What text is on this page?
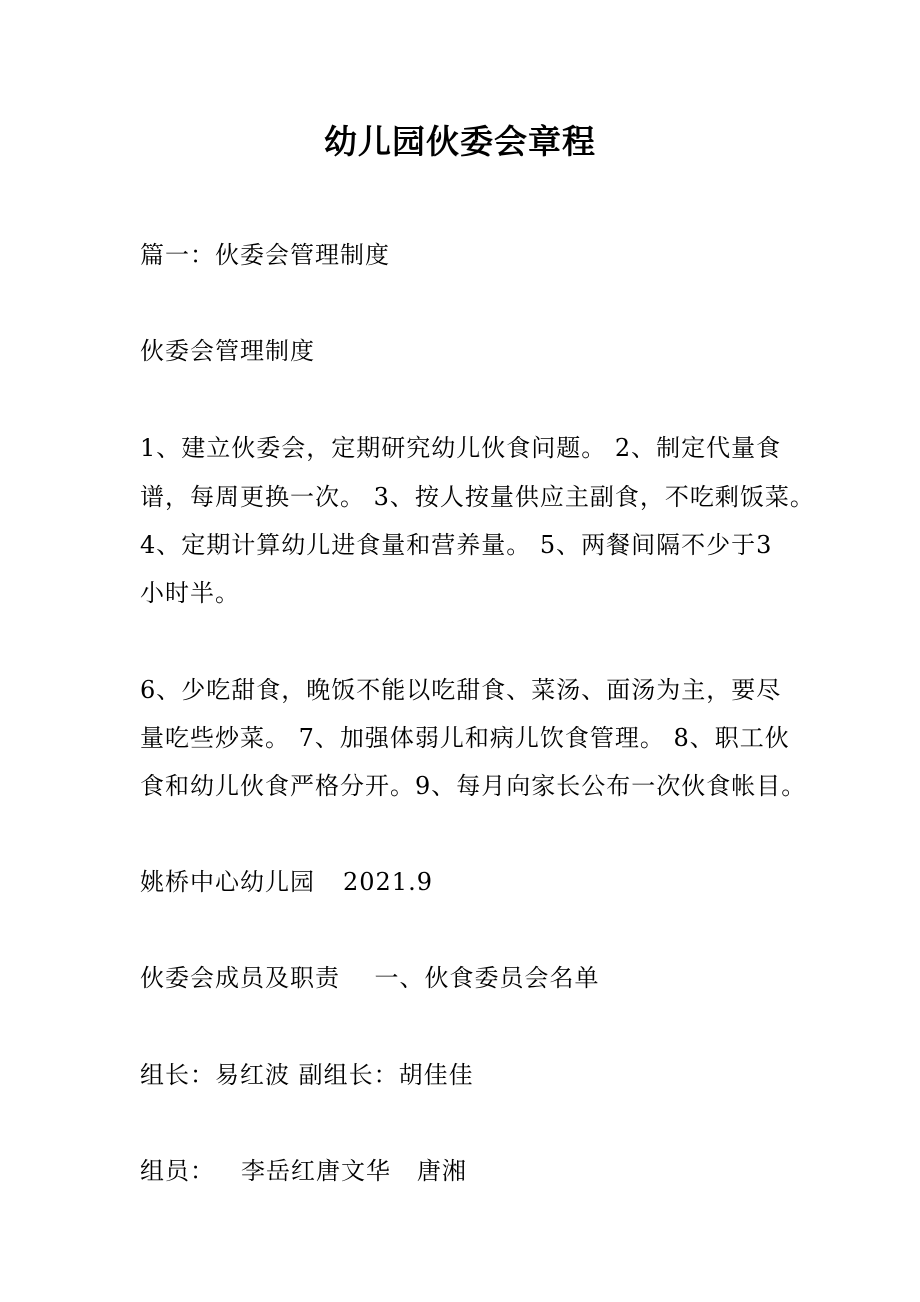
幼儿园伙委会章程
篇一：伙委会管理制度
伙委会管理制度
1、建立伙委会，定期研究幼儿伙食问题。 2、制定代量食
谱，每周更换一次。 3、按人按量供应主副食，不吃剩饭菜。
4、定期计算幼儿进食量和营养量。 5、两餐间隔不少于3
小时半。
6、少吃甜食，晚饭不能以吃甜食、菜汤、面汤为主，要尽
量吃些炒菜。 7、加强体弱儿和病儿饮食管理。 8、职工伙
食和幼儿伙食严格分开。9、每月向家长公布一次伙食帐目。
姚桥中心幼儿园 2021.9
伙委会成员及职责    一、伙食委员会名单
组长：易红波 副组长：胡佳佳
组员： 李岳红唐文华   唐湘
